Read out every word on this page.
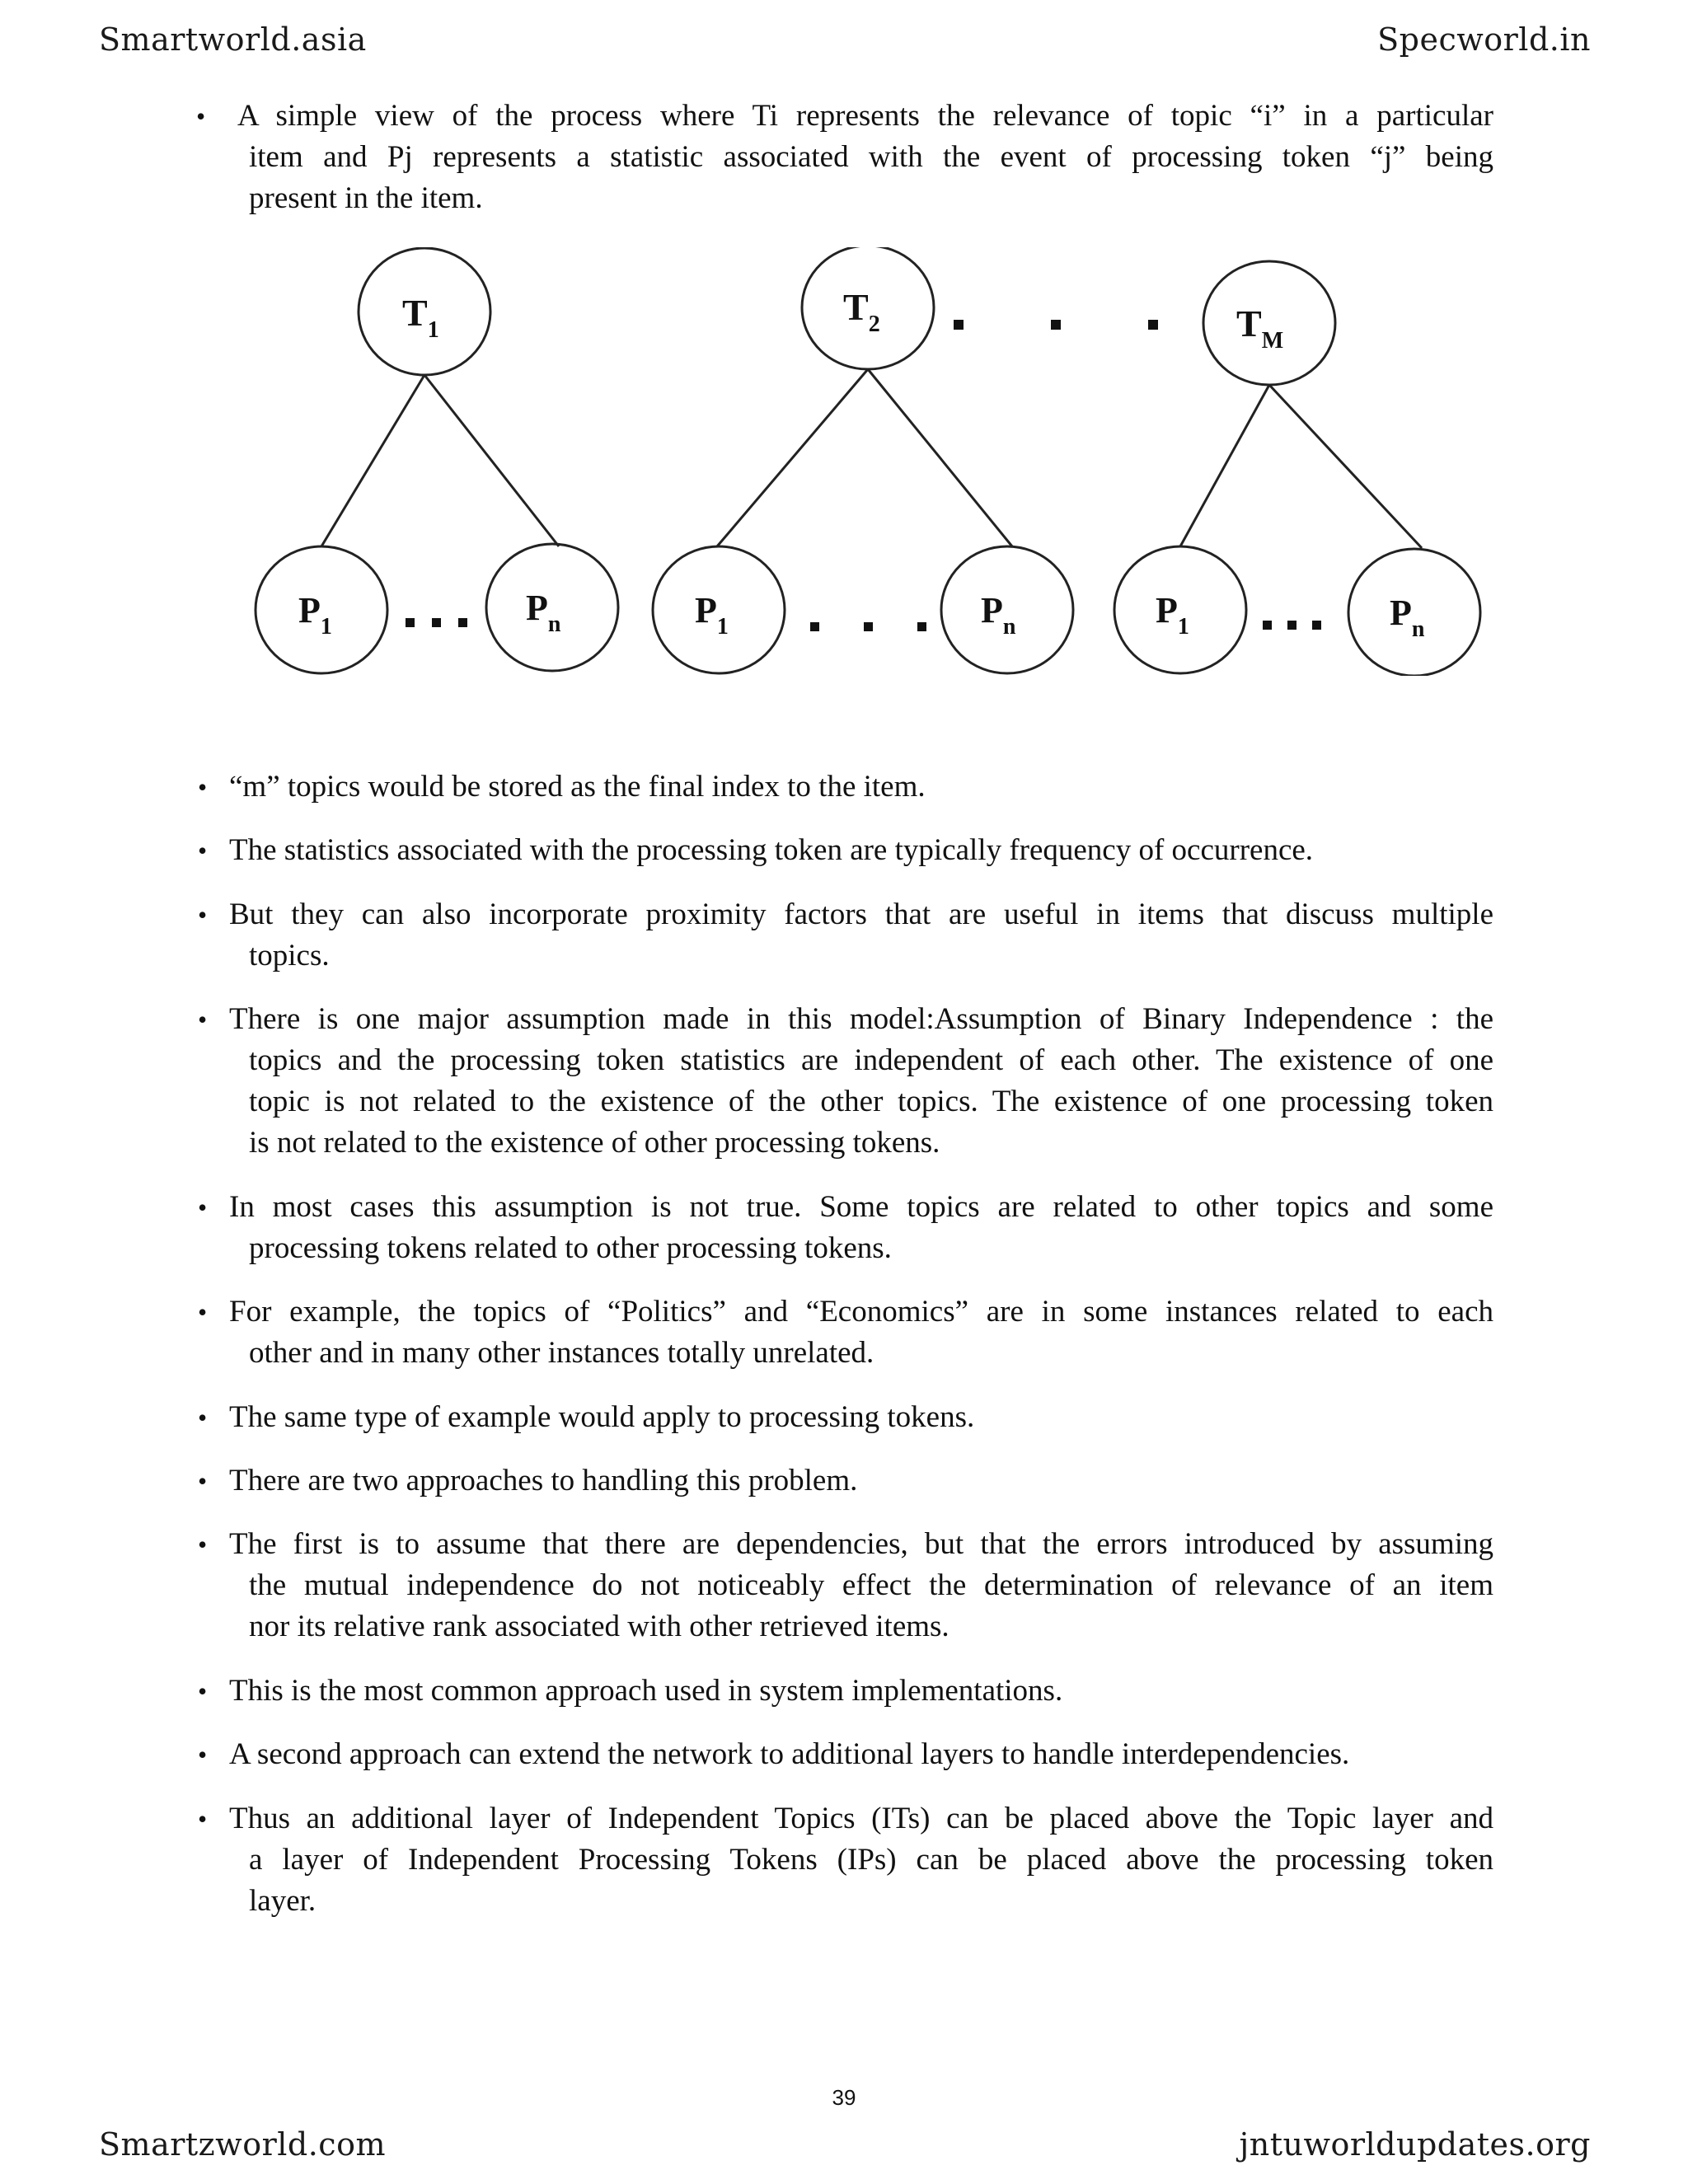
Smartworld.asia	Specworld.in
• A simple view of the process where Ti represents the relevance of topic “i” in a particular
item and Pj represents a statistic associated with the event of processing token “j” being
present in the item.
$T_1$
$T_2$	$T_M$
$P_1$	$P_n$	$P_1$	$P_n$	$P_1$	$P_n$
• “m” topics would be stored as the final index to the item.
• The statistics associated with the processing token are typically frequency of occurrence.
• But they can also incorporate proximity factors that are useful in items that discuss multiple
topics.
• There is one major assumption made in this model:Assumption of Binary Independence : the
topics and the processing token statistics are independent of each other. The existence of one
topic is not related to the existence of the other topics. The existence of one processing token
is not related to the existence of other processing tokens.
• In most cases this assumption is not true. Some topics are related to other topics and some
processing tokens related to other processing tokens.
• For example, the topics of “Politics” and “Economics” are in some instances related to each
other and in many other instances totally unrelated.
• The same type of example would apply to processing tokens.
• There are two approaches to handling this problem.
• The first is to assume that there are dependencies, but that the errors introduced by assuming
the mutual independence do not noticeably effect the determination of relevance of an item
nor its relative rank associated with other retrieved items.
• This is the most common approach used in system implementations.
• A second approach can extend the network to additional layers to handle interdependencies.
• Thus an additional layer of Independent Topics (ITs) can be placed above the Topic layer and
a layer of Independent Processing Tokens (IPs) can be placed above the processing token
layer.
39
Smartzworld.com	jntuworldupdates.org
